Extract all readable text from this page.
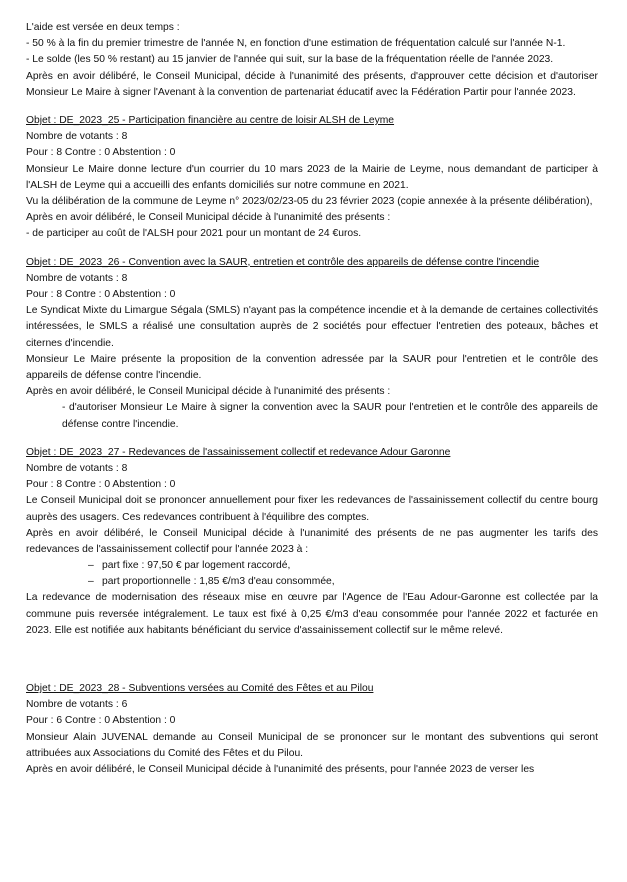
L'aide est versée en deux temps :

- 50 % à la fin du premier trimestre de l'année N, en fonction d'une estimation de fréquentation calculé sur l'année N-1.

- Le solde (les 50 % restant) au 15 janvier de l'année qui suit, sur la base de la fréquentation réelle de l'année 2023.

Après en avoir délibéré, le Conseil Municipal, décide à l'unanimité des présents, d'approuver cette décision et d'autoriser Monsieur Le Maire à signer l'Avenant à la convention de partenariat éducatif avec la Fédération Partir pour l'année 2023.

Objet : DE_2023_25 - Participation financière au centre de loisir ALSH de Leyme

Nombre de votants : 8

Pour : 8 Contre : 0 Abstention : 0

Monsieur Le Maire donne lecture d'un courrier du 10 mars 2023 de la Mairie de Leyme, nous demandant de participer à l'ALSH de Leyme qui a accueilli des enfants domiciliés sur notre commune en 2021.

Vu la délibération de la commune de Leyme n° 2023/02/23-05 du 23 février 2023 (copie annexée à la présente délibération),

Après en avoir délibéré, le Conseil Municipal décide à l'unanimité des présents :

- de participer au coût de l'ALSH pour 2021 pour un montant de 24 €uros.

Objet : DE_2023_26 - Convention avec la SAUR, entretien et contrôle des appareils de défense contre l'incendie

Nombre de votants : 8

Pour : 8 Contre : 0 Abstention : 0

Le Syndicat Mixte du Limargue Ségala (SMLS) n'ayant pas la compétence incendie et à la demande de certaines collectivités intéressées, le SMLS a réalisé une consultation auprès de 2 sociétés pour effectuer l'entretien des poteaux, bâches et citernes d'incendie.

Monsieur Le Maire présente la proposition de la convention adressée par la SAUR pour l'entretien et le contrôle des appareils de défense contre l'incendie.

Après en avoir délibéré, le Conseil Municipal décide à l'unanimité des présents :

- d'autoriser Monsieur Le Maire à signer la convention avec la SAUR pour l'entretien et le contrôle des appareils de défense contre l'incendie.

Objet : DE_2023_27 - Redevances de l'assainissement collectif et redevance Adour Garonne

Nombre de votants : 8

Pour : 8 Contre : 0 Abstention : 0

Le Conseil Municipal doit se prononcer annuellement pour fixer les redevances de l'assainissement collectif du centre bourg auprès des usagers. Ces redevances contribuent à l'équilibre des comptes.

Après en avoir délibéré, le Conseil Municipal décide à l'unanimité des présents de ne pas augmenter les tarifs des redevances de l'assainissement collectif pour l'année 2023 à :

– part fixe : 97,50 € par logement raccordé,
– part proportionnelle : 1,85 €/m3 d'eau consommée,

La redevance de modernisation des réseaux mise en œuvre par l'Agence de l'Eau Adour-Garonne est collectée par la commune puis reversée intégralement. Le taux est fixé à 0,25 €/m3 d'eau consommée pour l'année 2022 et facturée en 2023. Elle est notifiée aux habitants bénéficiant du service d'assainissement collectif sur le même relevé.

Objet : DE_2023_28 - Subventions versées au Comité des Fêtes et au Pilou

Nombre de votants : 6

Pour : 6 Contre : 0 Abstention : 0

Monsieur Alain JUVENAL demande au Conseil Municipal de se prononcer sur le montant des subventions qui seront attribuées aux Associations du Comité des Fêtes et du Pilou.

Après en avoir délibéré, le Conseil Municipal décide à l'unanimité des présents, pour l'année 2023 de verser les
